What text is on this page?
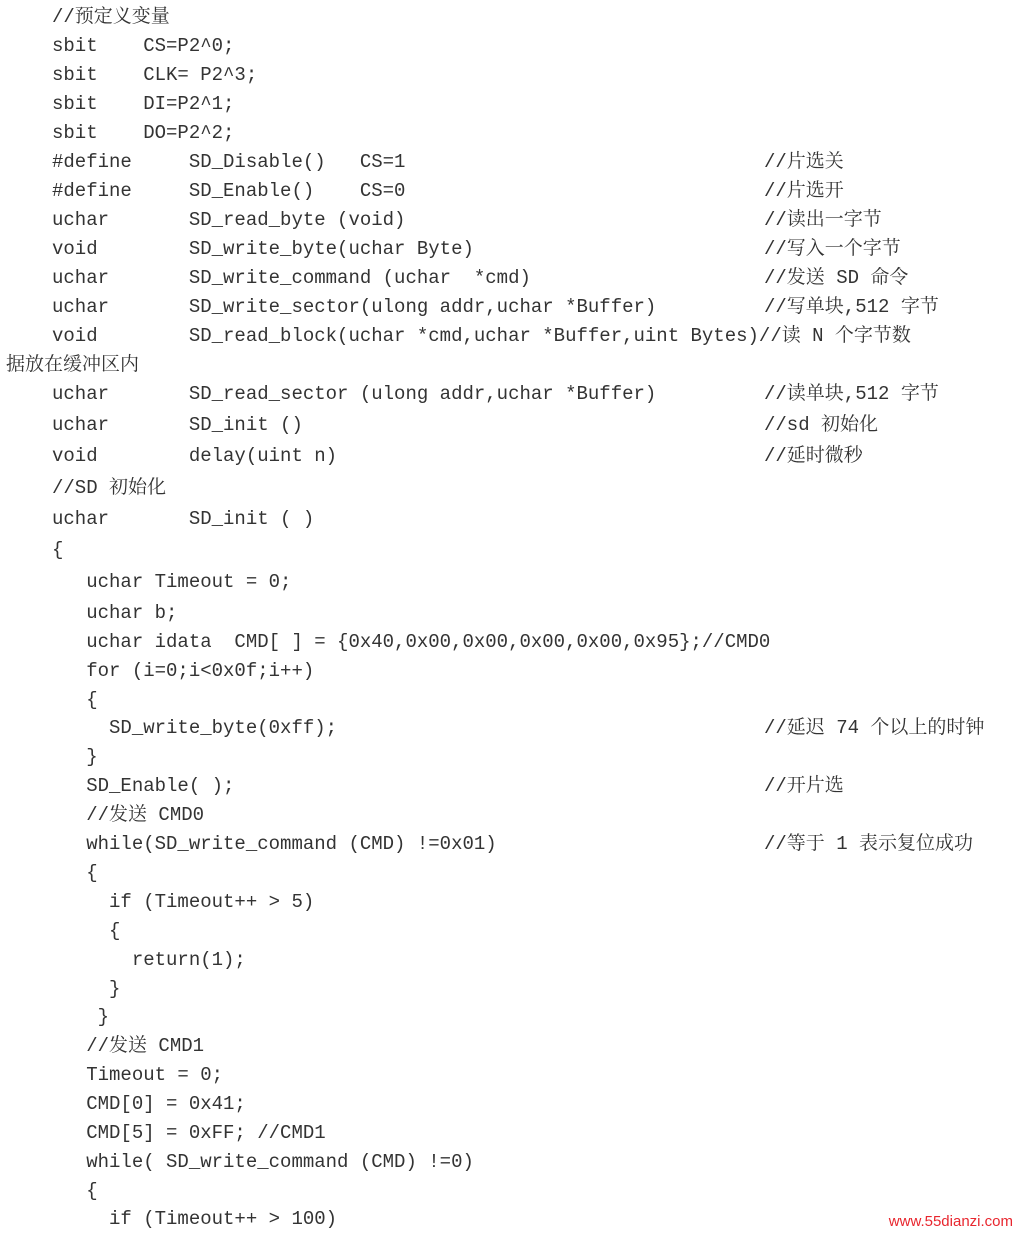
//预定义变量
sbit    CS=P2^0;
sbit    CLK= P2^3;
sbit    DI=P2^1;
sbit    DO=P2^2;
#define     SD_Disable()   CS=1	//片选关
#define     SD_Enable()    CS=0	//片选开
uchar       SD_read_byte (void)	//读出一字节
void        SD_write_byte(uchar Byte)	//写入一个字节
uchar       SD_write_command (uchar  *cmd)	//发送 SD 命令
uchar       SD_write_sector(ulong addr,uchar *Buffer)	//写单块,512 字节
void        SD_read_block(uchar *cmd,uchar *Buffer,uint Bytes)//读 N 个字节数
uchar       SD_read_sector (ulong addr,uchar *Buffer)	//读单块,512 字节
uchar       SD_init ()	//sd 初始化
void        delay(uint n)	//延时微秒
//SD 初始化
uchar       SD_init ( )
{
uchar Timeout = 0;
uchar b;
uchar idata  CMD[ ] = {0x40,0x00,0x00,0x00,0x00,0x95};//CMD0
for (i=0;i<0x0f;i++)
{
SD_write_byte(0xff);	//延迟 74 个以上的时钟
}
SD_Enable( );	//开片选
//发送 CMD0
while(SD_write_command (CMD) !=0x01)	//等于 1 表示复位成功
{
if (Timeout++ > 5)
{
return(1);
}
}
//发送 CMD1
Timeout = 0;
CMD[0] = 0x41;
CMD[5] = 0xFF; //CMD1
while( SD_write_command (CMD) !=0)
{
if (Timeout++ > 100)
据放在缓冲区内
www.55dianzi.com
